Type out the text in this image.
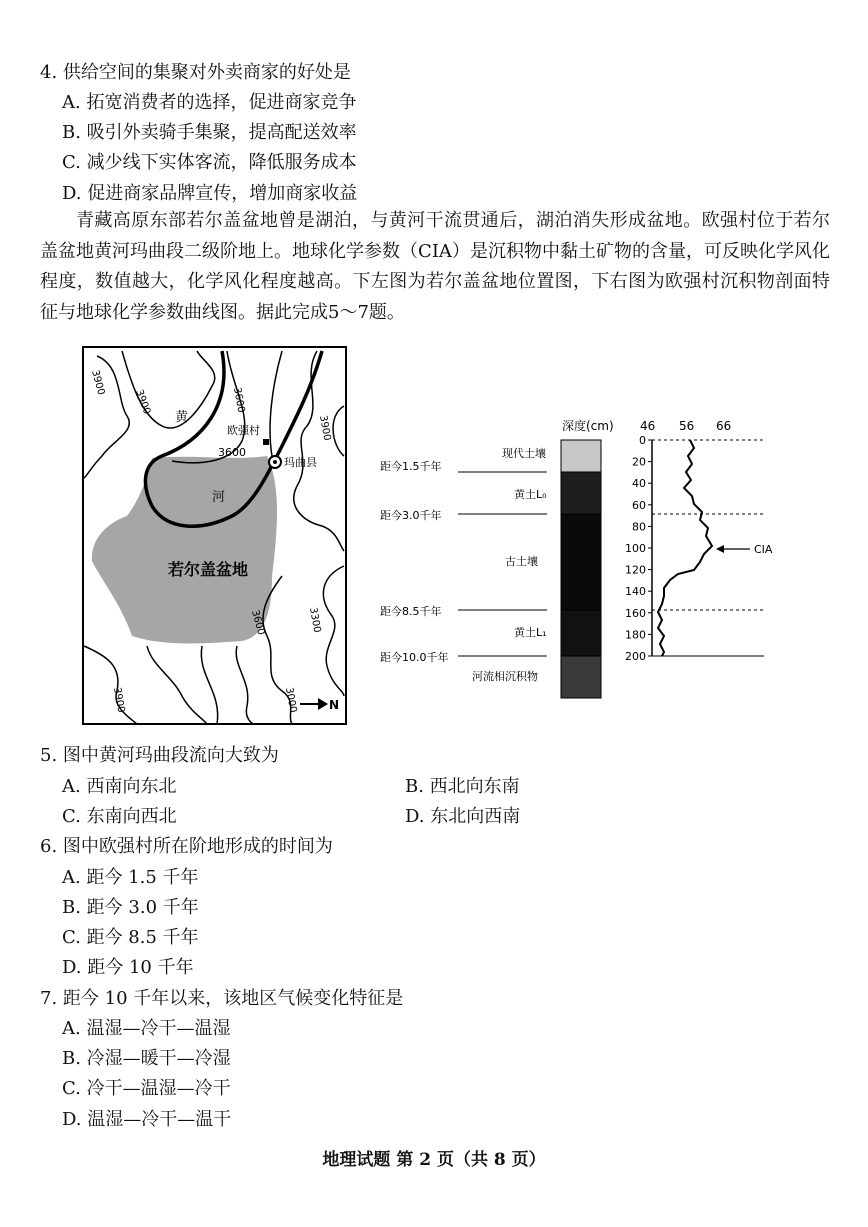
4. 供给空间的集聚对外卖商家的好处是
A. 拓宽消费者的选择，促进商家竞争
B. 吸引外卖骑手集聚，提高配送效率
C. 减少线下实体客流，降低服务成本
D. 促进商家品牌宣传，增加商家收益
青藏高原东部若尔盖盆地曾是湖泊，与黄河干流贯通后，湖泊消失形成盆地。欧强村位于若尔盖盆地黄河玛曲段二级阶地上。地球化学参数（CIA）是沉积物中黏土矿物的含量，可反映化学风化程度，数值越大，化学风化程度越高。下左图为若尔盖盆地位置图，下右图为欧强村沉积物剖面特征与地球化学参数曲线图。据此完成5～7题。
若尔盖盆地
黄
河
欧强村
玛曲县
3600
3900
3900	3600
3900
3600	3300
3000
3900	N
深度(cm) 46 56 66
0
20
40
60
80
100
120
140
160
180
200
距今1.5千年
距今3.0千年
距今8.5千年
距今10.0千年
现代土壤
黄土L₀
古土壤
黄土L₁
河流相沉积物
CIA
5. 图中黄河玛曲段流向大致为
A. 西南向东北	B. 西北向东南
C. 东南向西北	D. 东北向西南
6. 图中欧强村所在阶地形成的时间为
A. 距今 1.5 千年
B. 距今 3.0 千年
C. 距今 8.5 千年
D. 距今 10 千年
7. 距今 10 千年以来，该地区气候变化特征是
A. 温湿—冷干—温湿
B. 冷湿—暖干—冷湿
C. 冷干—温湿—冷干
D. 温湿—冷干—温干
地理试题 第 2 页（共 8 页）
